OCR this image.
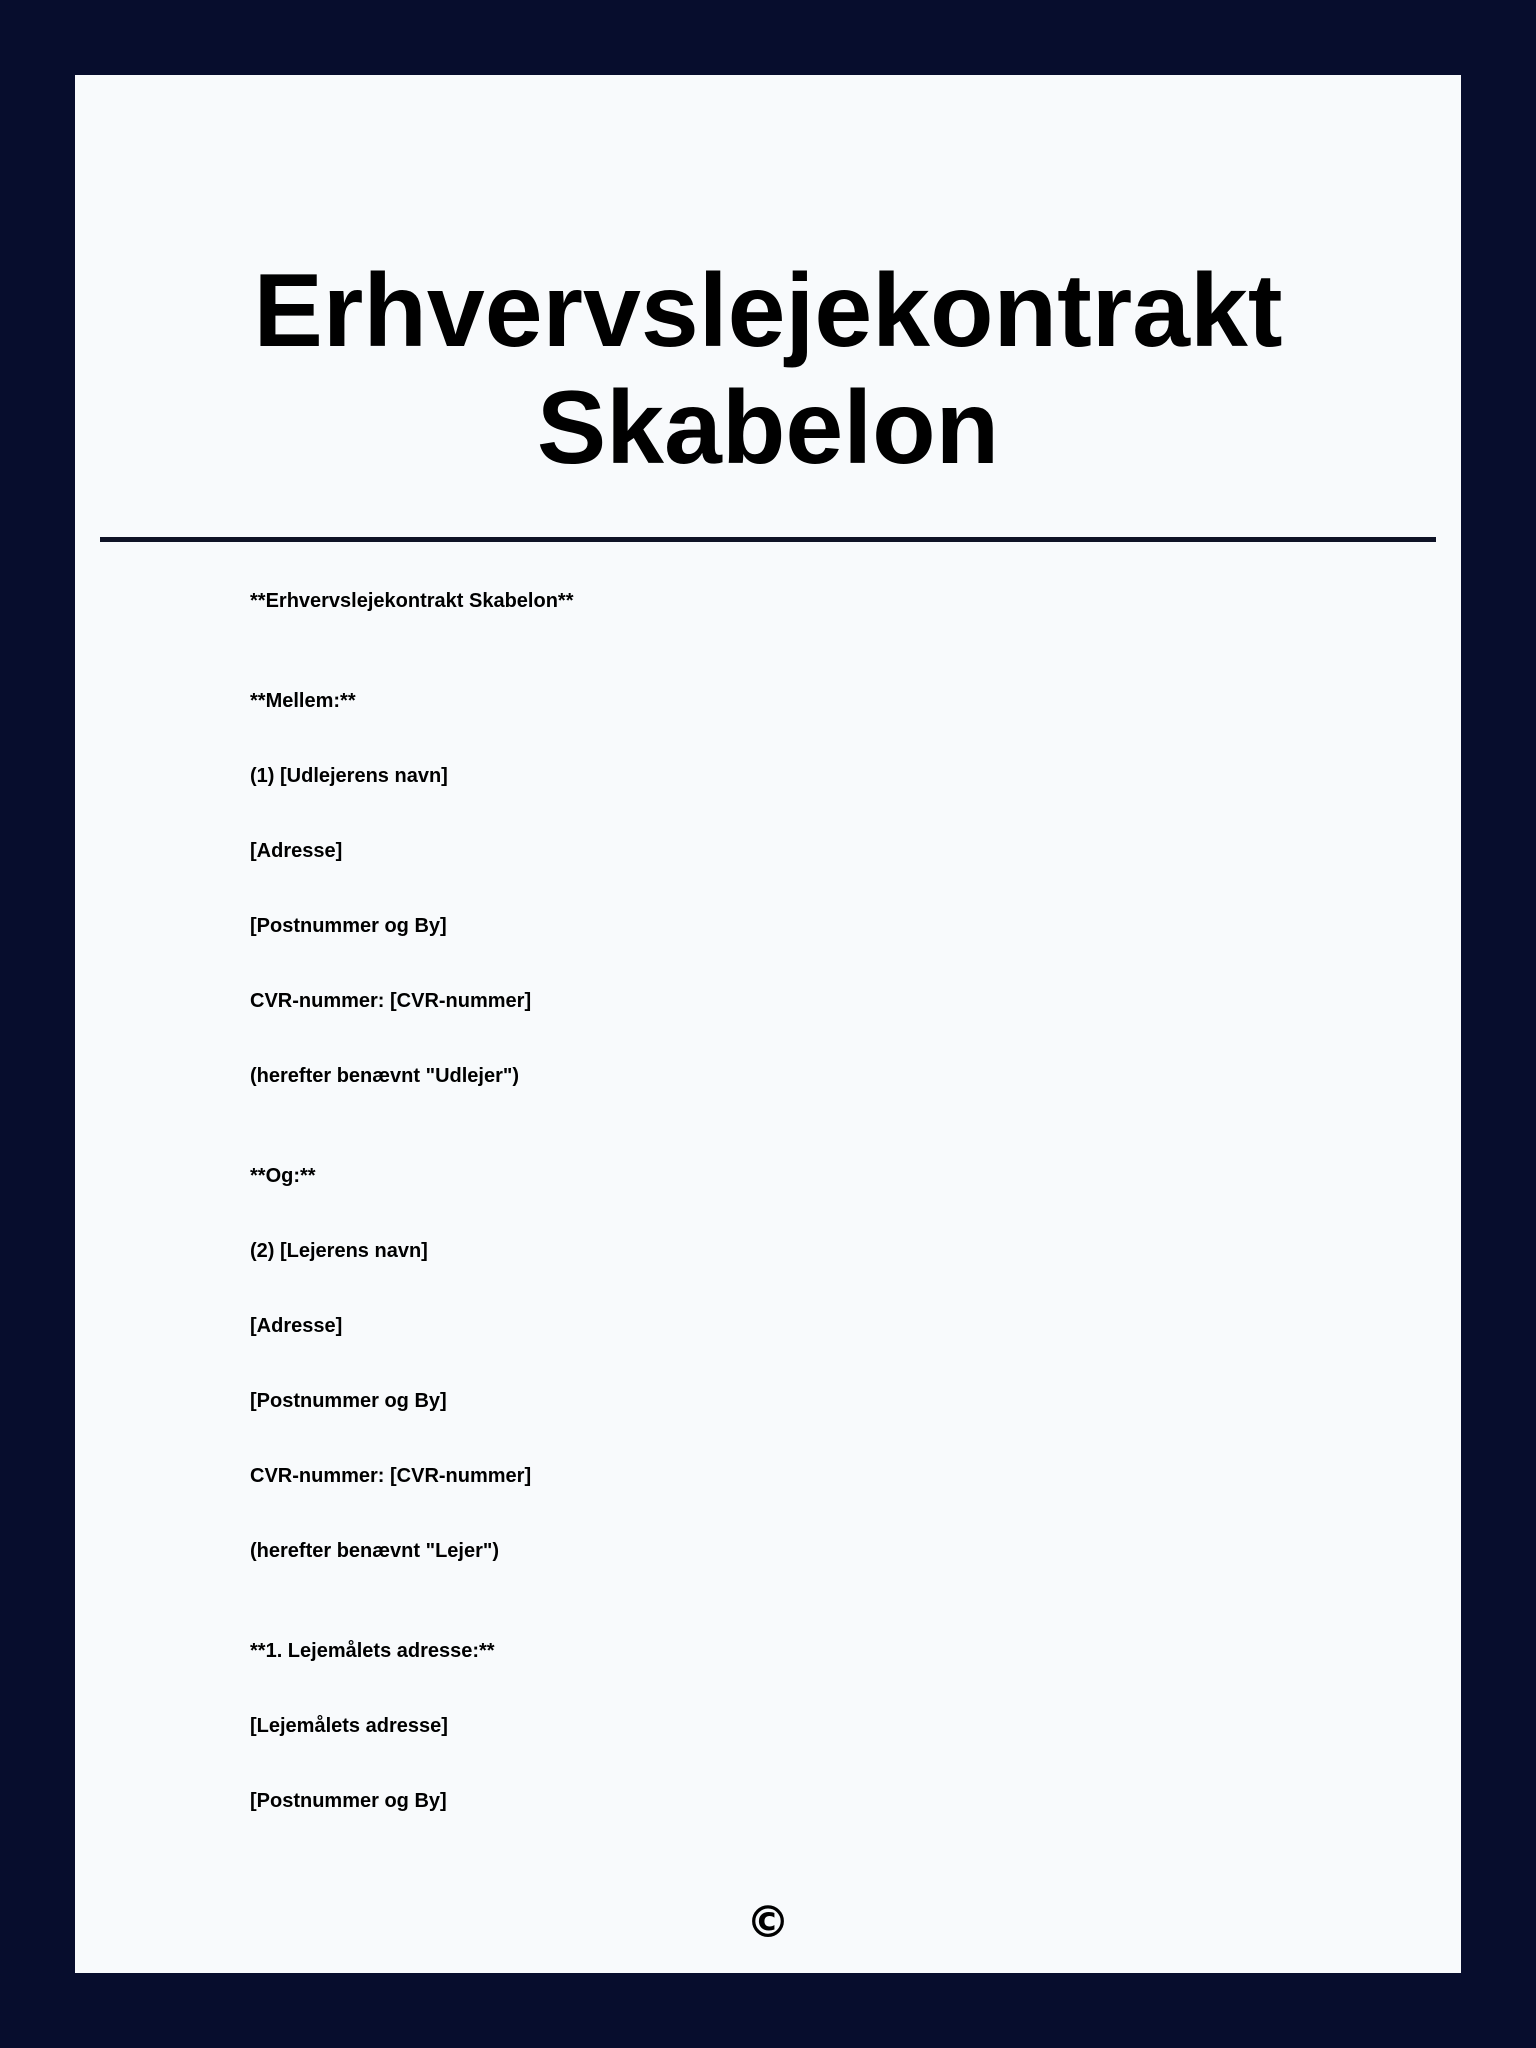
Erhvervslejekontrakt
Skabelon
**Erhvervslejekontrakt Skabelon**
**Mellem:**
(1) [Udlejerens navn]
[Adresse]
[Postnummer og By]
CVR-nummer: [CVR-nummer]
(herefter benævnt "Udlejer")
**Og:**
(2) [Lejerens navn]
[Adresse]
[Postnummer og By]
CVR-nummer: [CVR-nummer]
(herefter benævnt "Lejer")
**1. Lejemålets adresse:**
[Lejemålets adresse]
[Postnummer og By]
©
